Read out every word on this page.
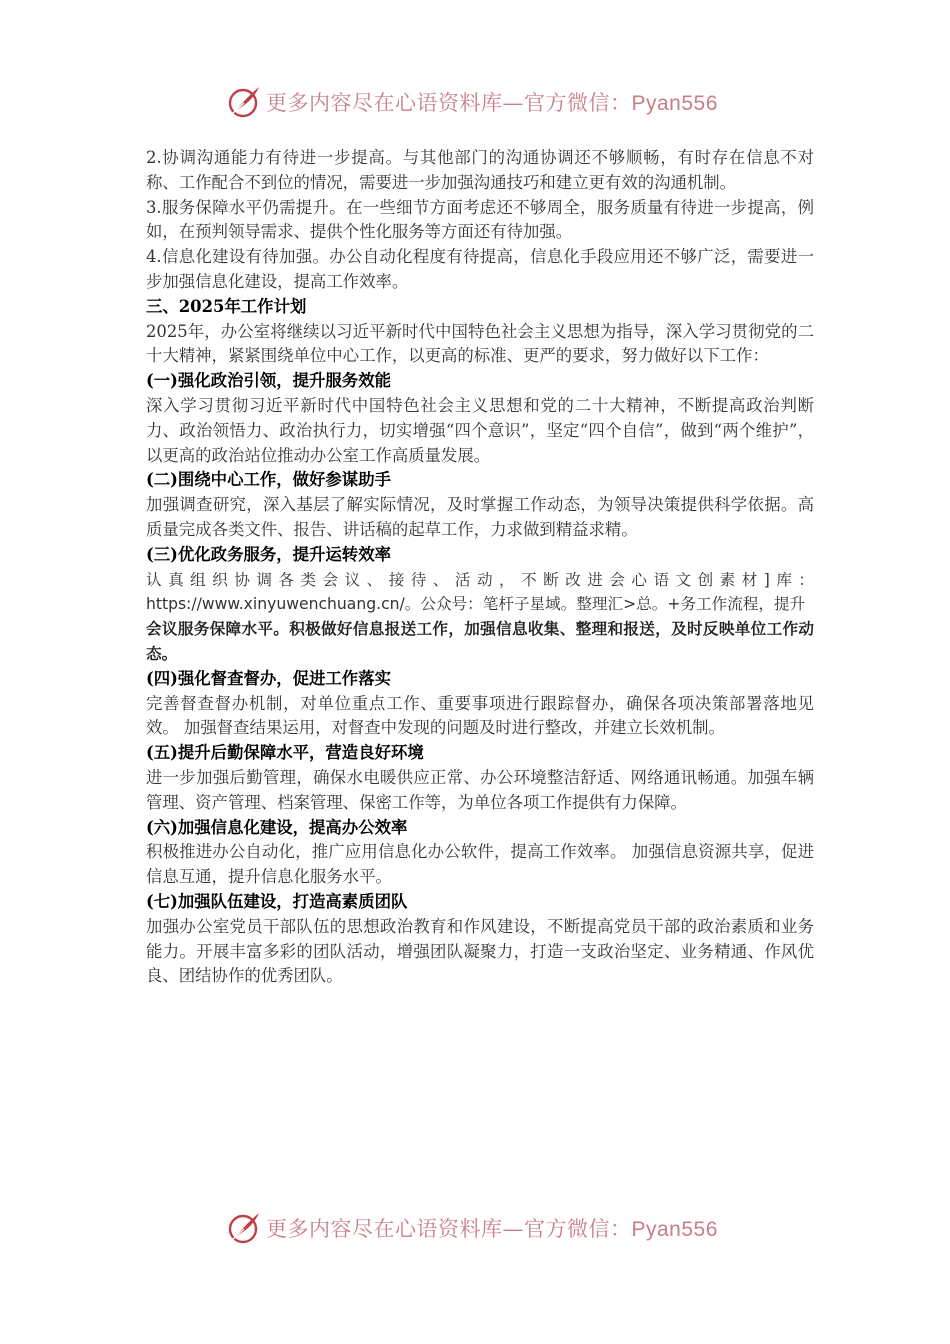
更多内容尽在心语资料库—官方微信：Pyan556

2.协调沟通能力有待进一步提高。与其他部门的沟通协调还不够顺畅，有时存在信息不对称、工作配合不到位的情况，需要进一步加强沟通技巧和建立更有效的沟通机制。

3.服务保障水平仍需提升。在一些细节方面考虑还不够周全，服务质量有待进一步提高，例如，在预判领导需求、提供个性化服务等方面还有待加强。

4.信息化建设有待加强。办公自动化程度有待提高，信息化手段应用还不够广泛，需要进一步加强信息化建设，提高工作效率。

三、2025年工作计划

2025年，办公室将继续以习近平新时代中国特色社会主义思想为指导，深入学习贯彻党的二十大精神，紧紧围绕单位中心工作，以更高的标准、更严的要求，努力做好以下工作：

(一)强化政治引领，提升服务效能

深入学习贯彻习近平新时代中国特色社会主义思想和党的二十大精神，不断提高政治判断力、政治领悟力、政治执行力，切实增强“四个意识”，坚定“四个自信”，做到“两个维护”，以更高的政治站位推动办公室工作高质量发展。

(二)围绕中心工作，做好参谋助手

加强调查研究，深入基层了解实际情况，及时掌握工作动态，为领导决策提供科学依据。高质量完成各类文件、报告、讲话稿的起草工作，力求做到精益求精。

(三)优化政务服务，提升运转效率

认真组织协调各类会议、接待、活动，不断改进会心语文创素材]库：https://www.xinyuwenchuang.cn/。公众号：笔杆子星域。整理汇>总。+务工作流程，提升

会议服务保障水平。积极做好信息报送工作，加强信息收集、整理和报送，及时反映单位工作动态。

(四)强化督查督办，促进工作落实

完善督查督办机制，对单位重点工作、重要事项进行跟踪督办，确保各项决策部署落地见效。 加强督查结果运用，对督查中发现的问题及时进行整改，并建立长效机制。

(五)提升后勤保障水平，营造良好环境

进一步加强后勤管理，确保水电暖供应正常、办公环境整洁舒适、网络通讯畅通。加强车辆管理、资产管理、档案管理、保密工作等，为单位各项工作提供有力保障。

(六)加强信息化建设，提高办公效率

积极推进办公自动化，推广应用信息化办公软件，提高工作效率。 加强信息资源共享，促进信息互通，提升信息化服务水平。

(七)加强队伍建设，打造高素质团队

加强办公室党员干部队伍的思想政治教育和作风建设，不断提高党员干部的政治素质和业务能力。开展丰富多彩的团队活动，增强团队凝聚力，打造一支政治坚定、业务精通、作风优良、团结协作的优秀团队。

更多内容尽在心语资料库—官方微信：Pyan556
